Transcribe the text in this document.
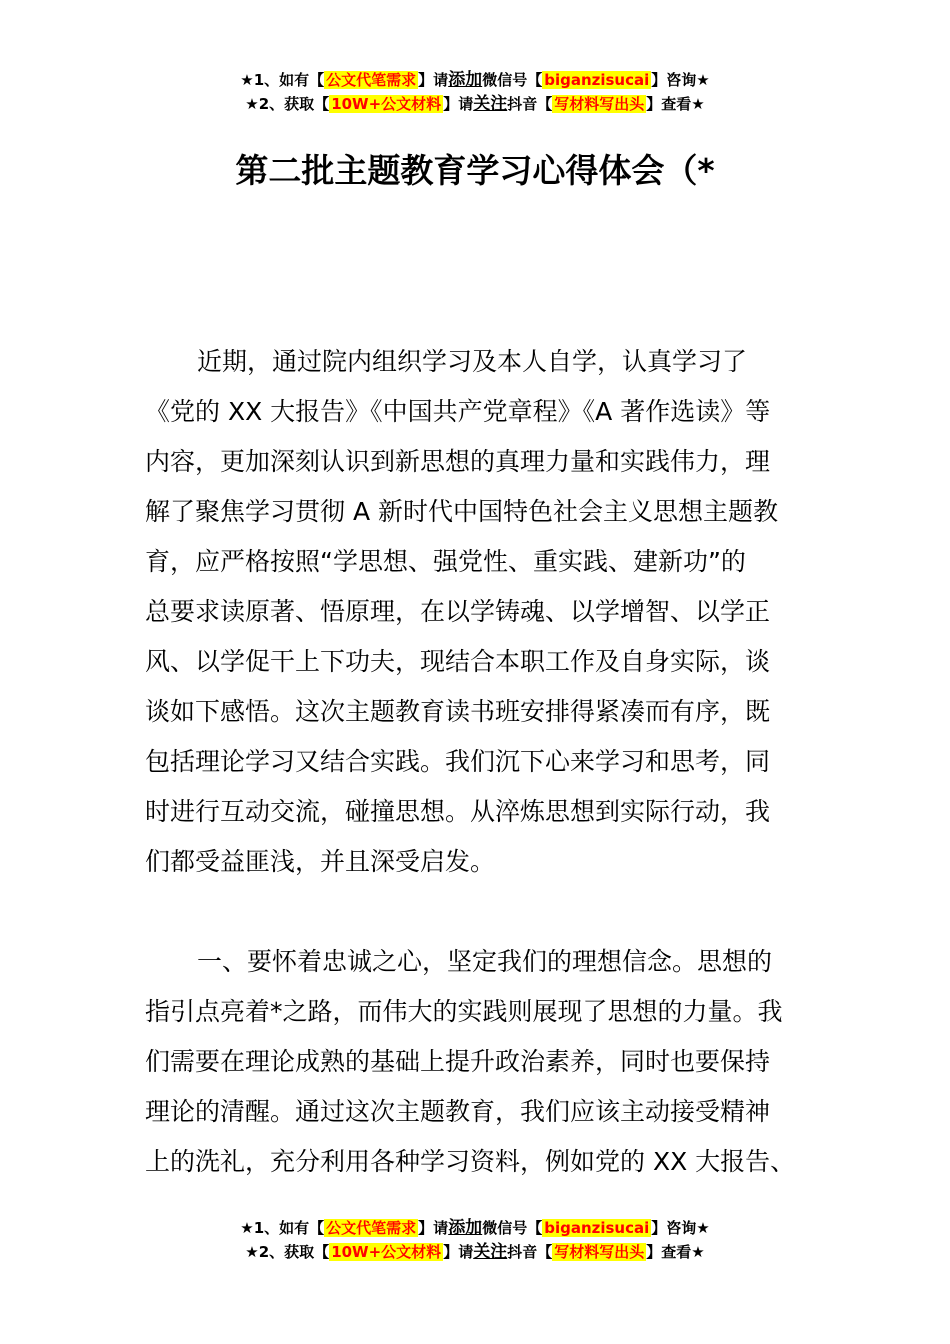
★1、如有【 公文代笔需求 】请添加微信号【 biganzisucai 】咨询★
★2、获取【 10W+公文材料 】请关注抖音【 写材料写出头 】查看★
第二批主题教育学习心得体会（*
近期，通过院内组织学习及本人自学，认真学习了
《党的 XX 大报告》《中国共产党章程》《A 著作选读》等
内容，更加深刻认识到新思想的真理力量和实践伟力，理
解了聚焦学习贯彻 A 新时代中国特色社会主义思想主题教
育，应严格按照“学思想、强党性、重实践、建新功”的
总要求读原著、悟原理，在以学铸魂、以学增智、以学正
风、以学促干上下功夫，现结合本职工作及自身实际，谈
谈如下感悟。这次主题教育读书班安排得紧凑而有序，既
包括理论学习又结合实践。我们沉下心来学习和思考，同
时进行互动交流，碰撞思想。从淬炼思想到实际行动，我
们都受益匪浅，并且深受启发。
一、要怀着忠诚之心，坚定我们的理想信念。思想的
指引点亮着*之路，而伟大的实践则展现了思想的力量。我
们需要在理论成熟的基础上提升政治素养，同时也要保持
理论的清醒。通过这次主题教育，我们应该主动接受精神
上的洗礼，充分利用各种学习资料，例如党的 XX 大报告、
★1、如有【 公文代笔需求 】请添加微信号【 biganzisucai 】咨询★
★2、获取【 10W+公文材料 】请关注抖音【 写材料写出头 】查看★
